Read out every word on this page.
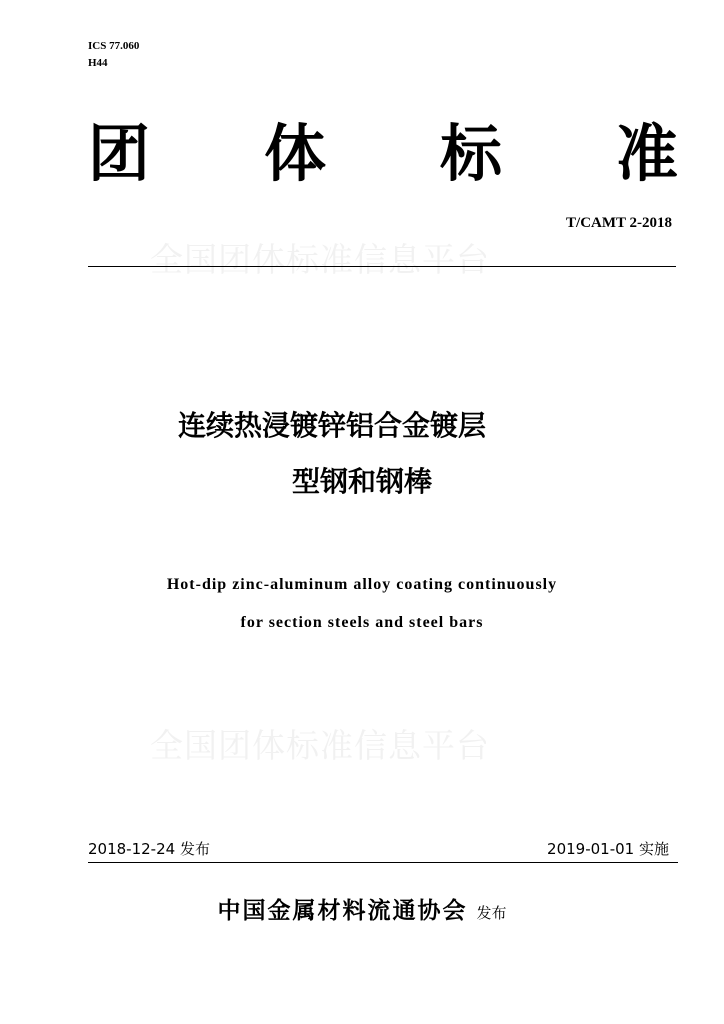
ICS 77.060
H44
团 体 标 准
T/CAMT 2-2018
全国团体标准信息平台
连续热浸镀锌铝合金镀层
型钢和钢棒
Hot-dip zinc-aluminum alloy coating continuously
for section steels and steel bars
全国团体标准信息平台
2018-12-24 发布	2019-01-01 实施
中国金属材料流通协会 发布
